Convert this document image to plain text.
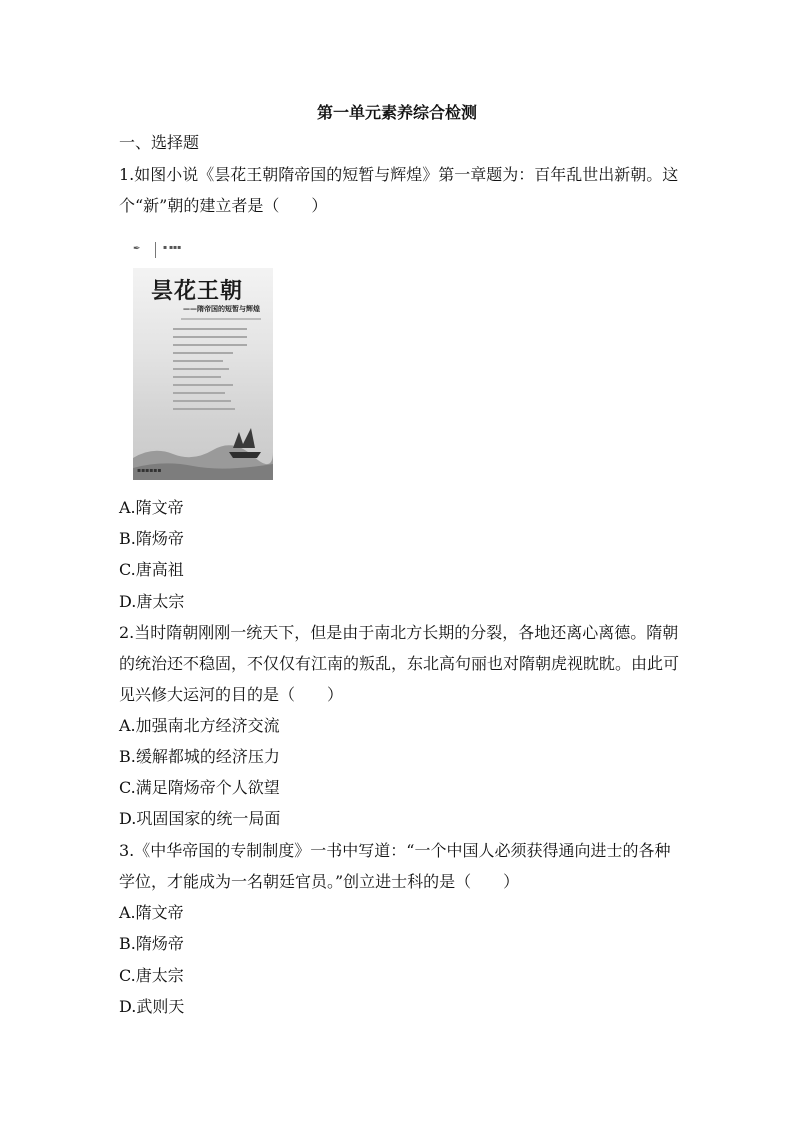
第一单元素养综合检测
一、选择题
1.如图小说《昙花王朝隋帝国的短暂与辉煌》第一章题为：百年乱世出新朝。这
个“新”朝的建立者是（　　）
✒	▪ ▪▪▪
昙花王朝
——隋帝国的短暂与辉煌
▪▪▪▪▪▪
A.隋文帝
B.隋炀帝
C.唐高祖
D.唐太宗
2.当时隋朝刚刚一统天下，但是由于南北方长期的分裂，各地还离心离德。隋朝
的统治还不稳固，不仅仅有江南的叛乱，东北高句丽也对隋朝虎视眈眈。由此可
见兴修大运河的目的是（　　）
A.加强南北方经济交流
B.缓解都城的经济压力
C.满足隋炀帝个人欲望
D.巩固国家的统一局面
3.《中华帝国的专制制度》一书中写道：“一个中国人必须获得通向进士的各种
学位，才能成为一名朝廷官员。”创立进士科的是（　　）
A.隋文帝
B.隋炀帝
C.唐太宗
D.武则天
